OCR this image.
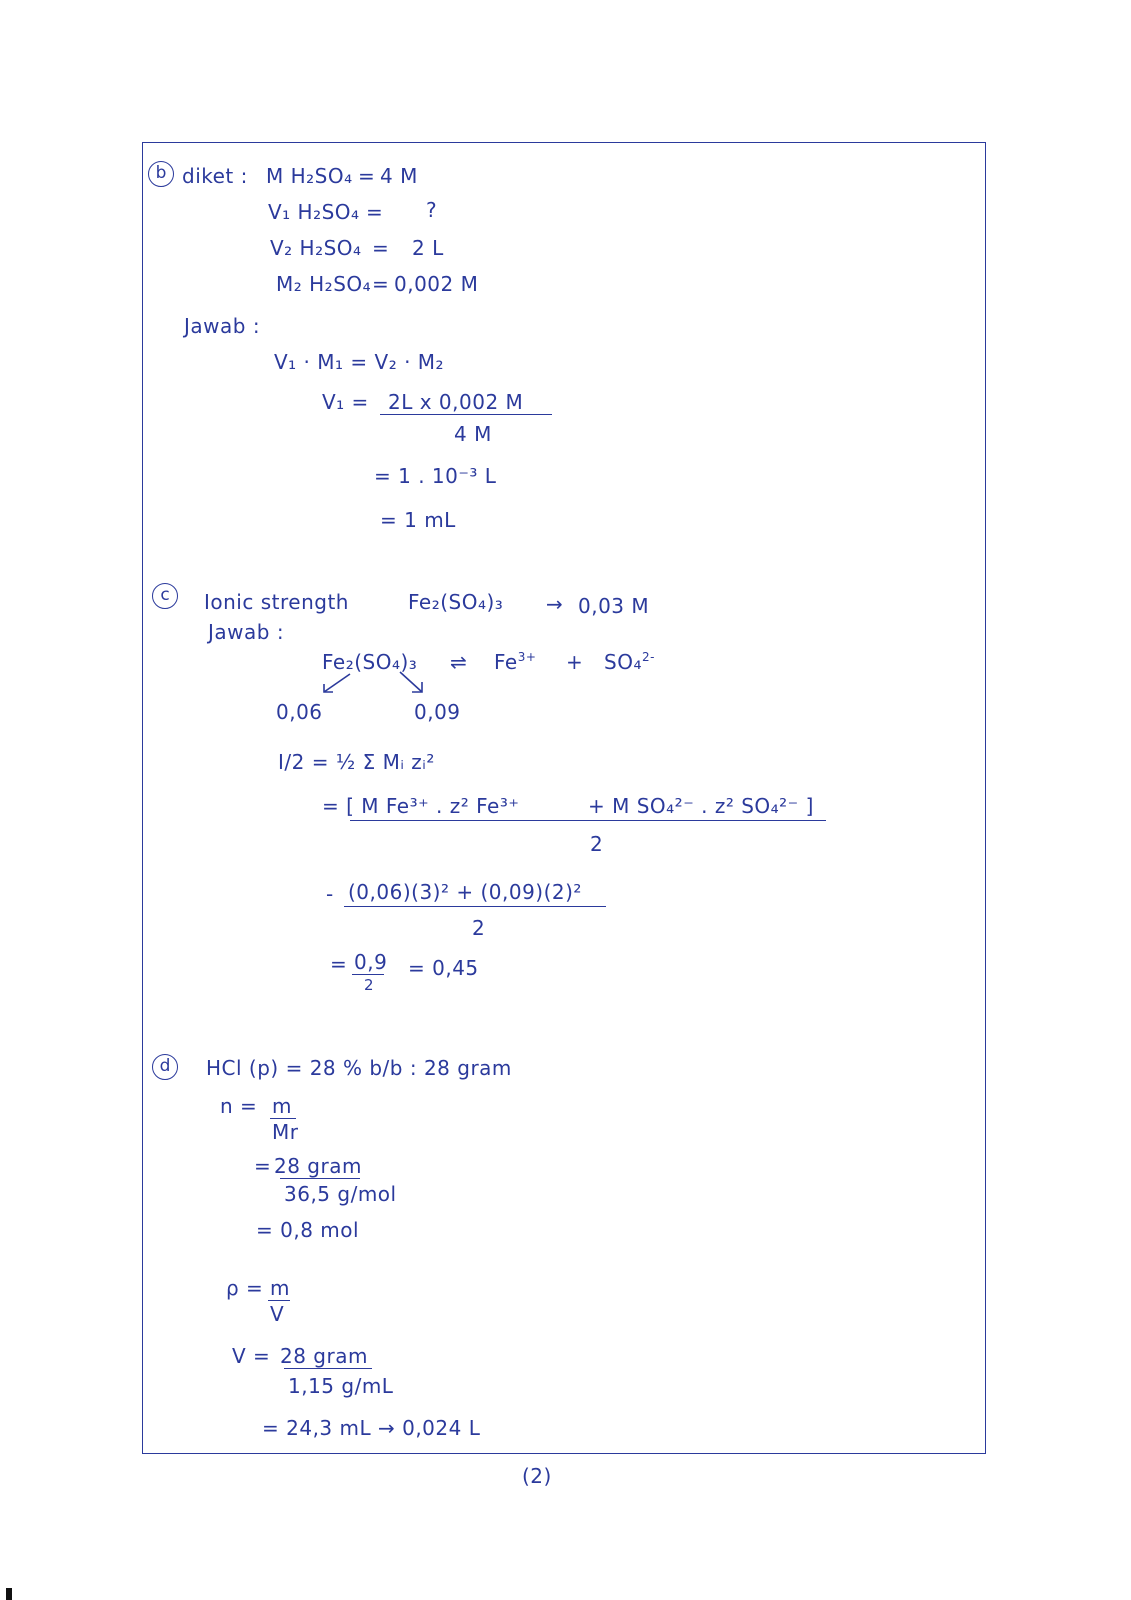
b diket : M H₂SO₄ = 4 M
V₁ H₂SO₄ = ?
V₂ H₂SO₄ = 2 L
M₂ H₂SO₄ = 0,002 M
Jawab :
V₁ · M₁ = V₂ · M₂
V₁ = 2L x 0,002 M
4 M
= 1 . 10⁻³ L
= 1 mL
c	Ionic strength	Fe₂(SO₄)₃ → 0,03 M
Jawab :
Fe₂(SO₄)₃ ⇌ $Fe^{3+} + SO_4^{2-}$
0,06	0,09
I/2 = ½ Σ Mᵢ zᵢ²
= [ M Fe³⁺ . z² Fe³⁺	+ M SO₄²⁻ . z² SO₄²⁻ ]
2
(0,06)(3)² + (0,09)(2)²
2
-
= 0,9
2
= 0,45
d	HCl (p) = 28 % b/b : 28 gram
n = m
Mr
= 28 gram
36,5 g/mol
= 0,8 mol
ρ = m
V
V = 28 gram
1,15 g/mL
= 24,3 mL → 0,024 L
(2)
